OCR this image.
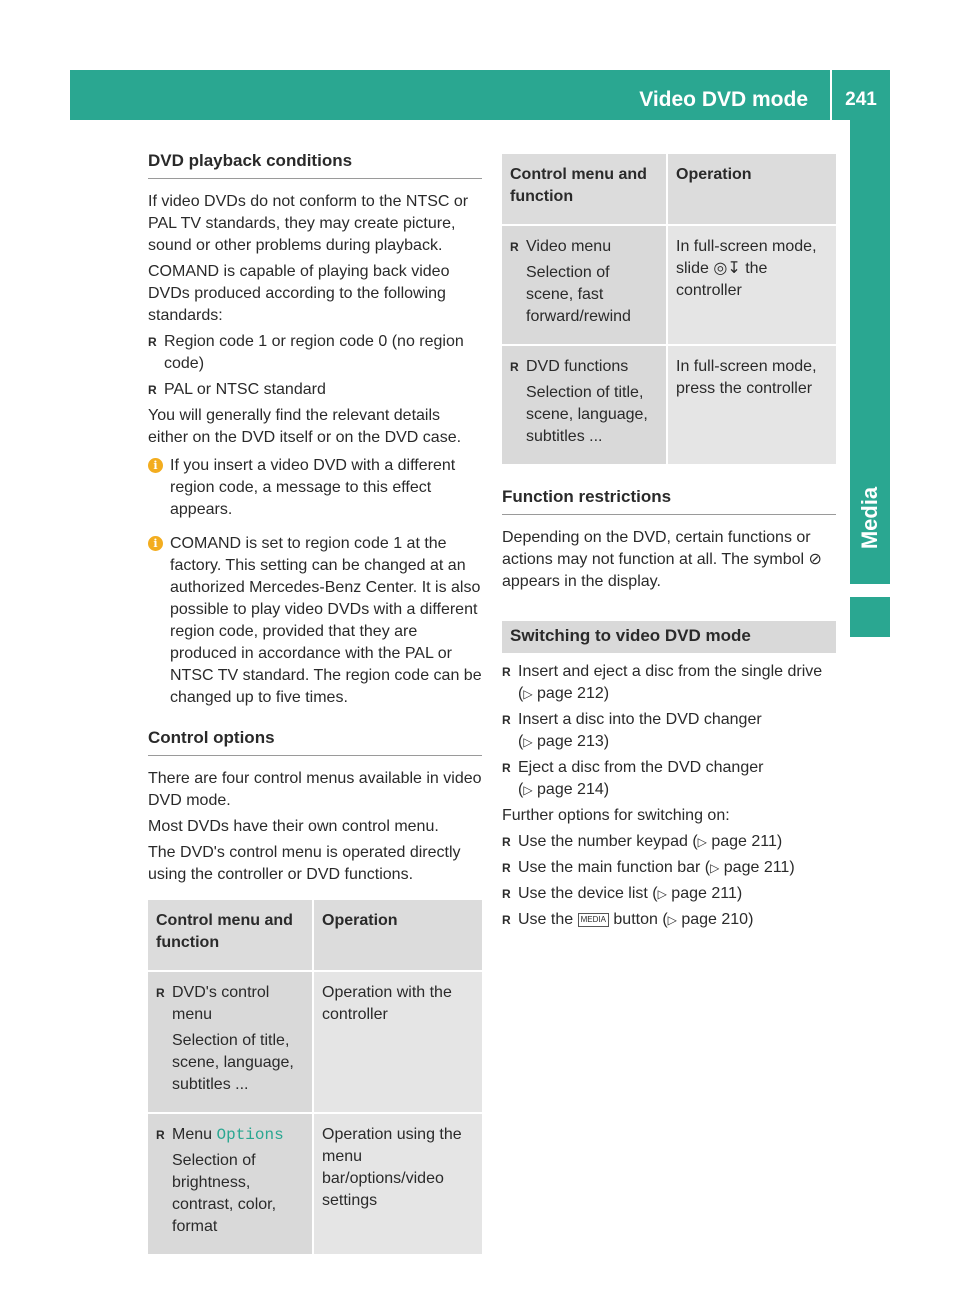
Video DVD mode	241
Media
DVD playback conditions

If video DVDs do not conform to the NTSC or PAL TV standards, they may create picture, sound or other problems during playback.

COMAND is capable of playing back video DVDs produced according to the following standards:

R Region code 1 or region code 0 (no region code)
R PAL or NTSC standard

You will generally find the relevant details either on the DVD itself or on the DVD case.

i If you insert a video DVD with a different region code, a message to this effect appears.
i COMAND is set to region code 1 at the factory. This setting can be changed at an authorized Mercedes-Benz Center. It is also possible to play video DVDs with a different region code, provided that they are produced in accordance with the PAL or NTSC TV standard. The region code can be changed up to five times.
Control options

There are four control menus available in video DVD mode.

Most DVDs have their own control menu.

The DVD's control menu is operated directly using the controller or DVD functions.

Control menu and function	Operation

R DVD's control menu
Selection of title, scene, language, subtitles ...	Operation with the controller

R Menu Options
Selection of brightness, contrast, color, format	Operation using the menu bar/options/video settings
Control menu and function	Operation

R Video menu
Selection of scene, fast forward/rewind	In full-screen mode, slide ◎↧ the controller

R DVD functions
Selection of title, scene, language, subtitles ...	In full-screen mode, press the controller
Function restrictions

Depending on the DVD, certain functions or actions may not function at all. The symbol ⊘ appears in the display.

Switching to video DVD mode
R Insert and eject a disc from the single drive
(▷ page 212)
R Insert a disc into the DVD changer
(▷ page 213)
R Eject a disc from the DVD changer
(▷ page 214)

Further options for switching on:

R Use the number keypad (▷ page 211)
R Use the main function bar (▷ page 211)
R Use the device list (▷ page 211)
R Use the MEDIA button (▷ page 210)
